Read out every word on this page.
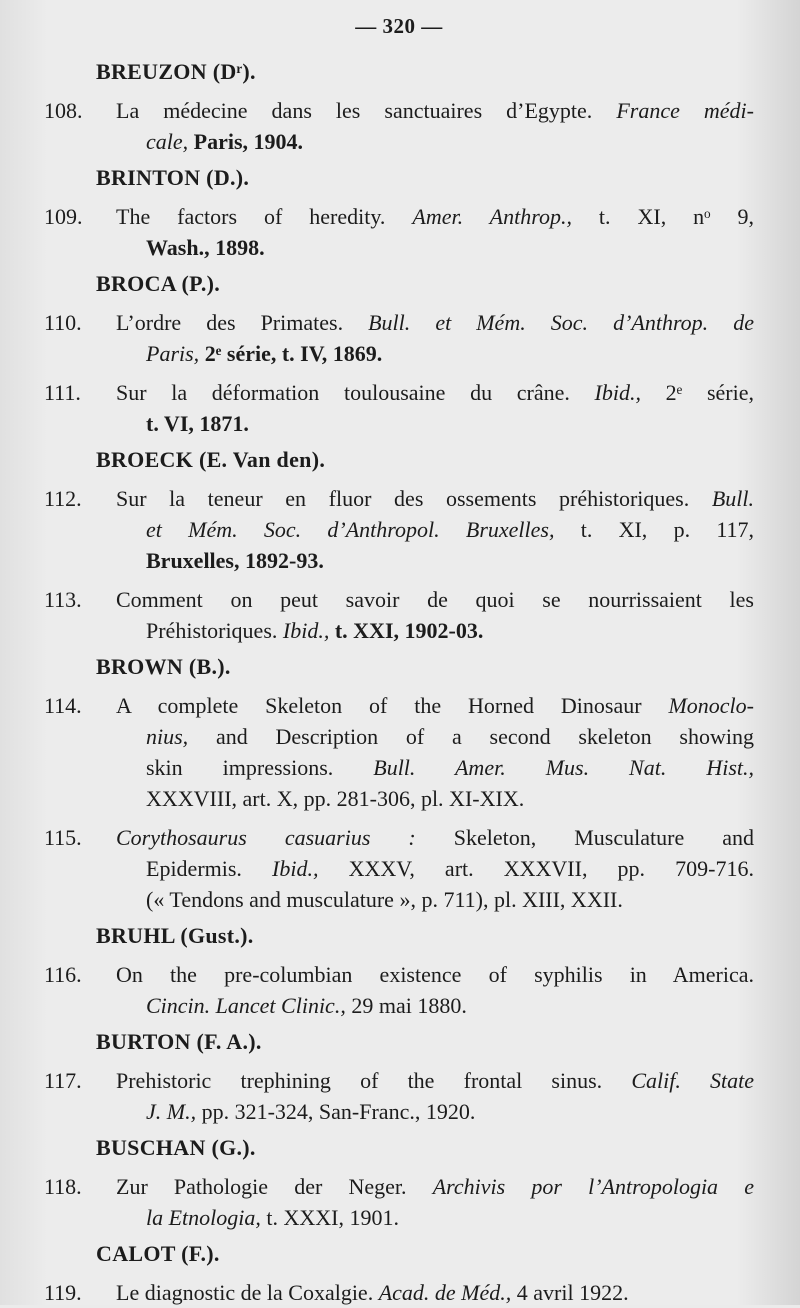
— 320 —
BREUZON (Dʳ).
108.	La médecine dans les sanctuaires d’Egypte. France médi-
cale, Paris, 1904.
BRINTON (D.).
109.	The factors of heredity. Amer. Anthrop., t. XI, nᵒ 9,
Wash., 1898.
BROCA (P.).
110.	L’ordre des Primates. Bull. et Mém. Soc. d’Anthrop. de
Paris, 2ᵉ série, t. IV, 1869.
111.	Sur la déformation toulousaine du crâne. Ibid., 2ᵉ série,
t. VI, 1871.
BROECK (E. Van den).
112.	Sur la teneur en fluor des ossements préhistoriques. Bull.
et Mém. Soc. d’Anthropol. Bruxelles, t. XI, p. 117,
Bruxelles, 1892-93.
113.	Comment on peut savoir de quoi se nourrissaient les
Préhistoriques. Ibid., t. XXI, 1902-03.
BROWN (B.).
114.	A complete Skeleton of the Horned Dinosaur Monoclo-
nius, and Description of a second skeleton showing
skin impressions. Bull. Amer. Mus. Nat. Hist.,
XXXVIII, art. X, pp. 281-306, pl. XI-XIX.
115.	Corythosaurus casuarius : Skeleton, Musculature and
Epidermis. Ibid., XXXV, art. XXXVII, pp. 709-716.
(« Tendons and musculature », p. 711), pl. XIII, XXII.
BRUHL (Gust.).
116.	On the pre-columbian existence of syphilis in America.
Cincin. Lancet Clinic., 29 mai 1880.
BURTON (F. A.).
117.	Prehistoric trephining of the frontal sinus. Calif. State
J. M., pp. 321-324, San-Franc., 1920.
BUSCHAN (G.).
118.	Zur Pathologie der Neger. Archivis por l’Antropologia e
la Etnologia, t. XXXI, 1901.
CALOT (F.).
119.	Le diagnostic de la Coxalgie. Acad. de Méd., 4 avril 1922.
